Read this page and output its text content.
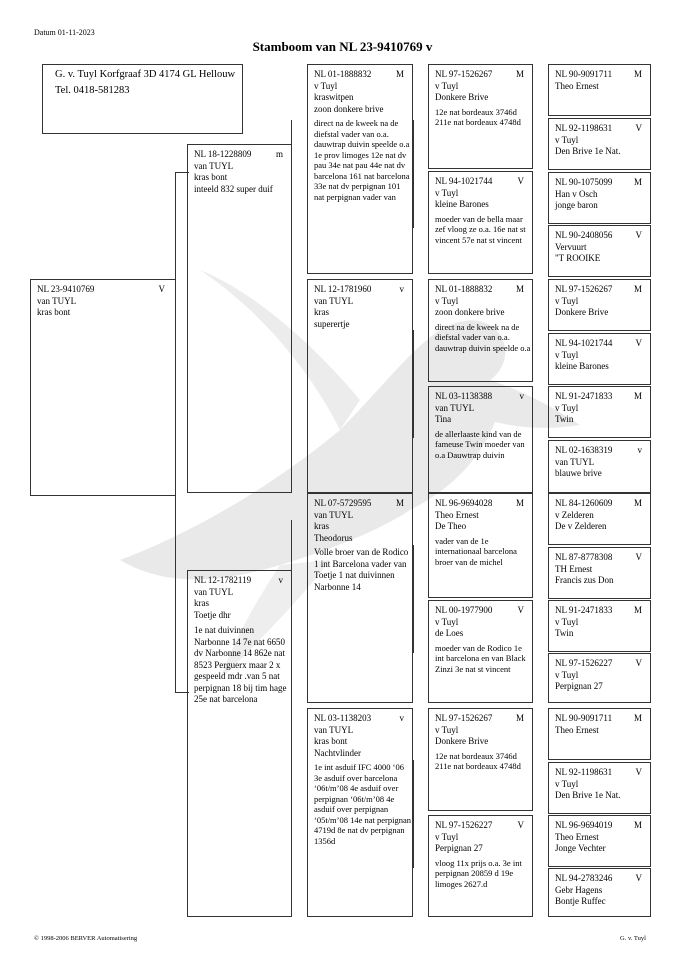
Datum 01-11-2023
Stamboom van NL 23-9410769 v
G. v. Tuyl Korfgraaf 3D 4174 GL Hellouw Tel. 0418-581283
NL 23-9410769	V
van TUYL
kras bont
NL 18-1228809	m
van TUYL
kras bont
inteeld 832 super duif
NL 12-1782119	v
van TUYL
kras
Toetje dhr
1e nat duivinnen Narbonne 14 7e nat 6650 dv Narbonne 14 862e nat 8523 Perguerx maar 2 x gespeeld mdr .van 5 nat perpignan 18 bij tim hage 25e nat barcelona
NL 01-1888832	M
v Tuyl
kraswitpen
zoon donkere brive
direct na de kweek na de diefstal vader van o.a. dauwtrap duivin speelde o.a 1e prov limoges 12e nat dv pau 34e nat pau 44e nat dv barcelona 161 nat barcelona 33e nat dv perpignan 101 nat perpignan vader van
NL 12-1781960	v
van TUYL
kras
superertje
NL 07-5729595	M
van TUYL
kras
Theodorus
Volle broer van de Rodico 1 int Barcelona vader van Toetje 1 nat duivinnen Narbonne 14
NL 03-1138203	v
van TUYL
kras bont
Nachtvlinder
1e int asduif IFC 4000 ‘06 3e asduif over barcelona ‘06t/m’08 4e asduif over perpignan ‘06t/m’08 4e asduif over perpignan ‘05t/m’08 14e nat perpignan 4719d 8e nat dv perpignan 1356d
NL 97-1526267	M
v Tuyl
Donkere Brive
12e nat bordeaux 3746d 211e nat bordeaux 4748d
NL 94-1021744	V
v Tuyl
kleine Barones
moeder van de bella maar zef vloog ze o.a. 16e nat st vincent 57e nat st vincent
NL 01-1888832	M
v Tuyl
zoon donkere brive
direct na de kweek na de diefstal vader van o.a. dauwtrap duivin speelde o.a
NL 03-1138388	v
van TUYL
Tina
de allerlaaste kind van de fameuse Twin moeder van o.a Dauwtrap duivin
NL 96-9694028	M
Theo Ernest
De Theo
vader van de 1e internationaal barcelona broer van de michel
NL 00-1977900	V
v Tuyl
de Loes
moeder van de Rodico 1e int barcelona en van Black Zinzi 3e nat st vincent
NL 97-1526267	M
v Tuyl
Donkere Brive
12e nat bordeaux 3746d 211e nat bordeaux 4748d
NL 97-1526227	V
v Tuyl
Perpignan 27
vloog 11x prijs o.a. 3e int perpignan 20859 d 19e limoges 2627.d
NL 90-9091711 M
Theo Ernest
NL 92-1198631	V
v Tuyl
Den Brive 1e Nat.
NL 90-1075099 M
Han v Osch
jonge baron
NL 90-2408056	V
Vervuurt
"T ROOIKE
NL 97-1526267 M
v Tuyl
Donkere Brive
NL 94-1021744	V
v Tuyl
kleine Barones
NL 91-2471833 M
v Tuyl
Twin
NL 02-1638319	v
van TUYL
blauwe brive
NL 84-1260609 M
v Zelderen
De v Zelderen
NL 87-8778308	V
TH Ernest
Francis zus Don
NL 91-2471833 M
v Tuyl
Twin
NL 97-1526227	V
v Tuyl
Perpignan 27
NL 90-9091711 M
Theo Ernest
NL 92-1198631	V
v Tuyl
Den Brive 1e Nat.
NL 96-9694019 M
Theo Ernest
Jonge Vechter
NL 94-2783246	V
Gebr Hagens
Bontje Ruffec
© 1998-2006 BERVER Automatisering	G. v. Tuyl
